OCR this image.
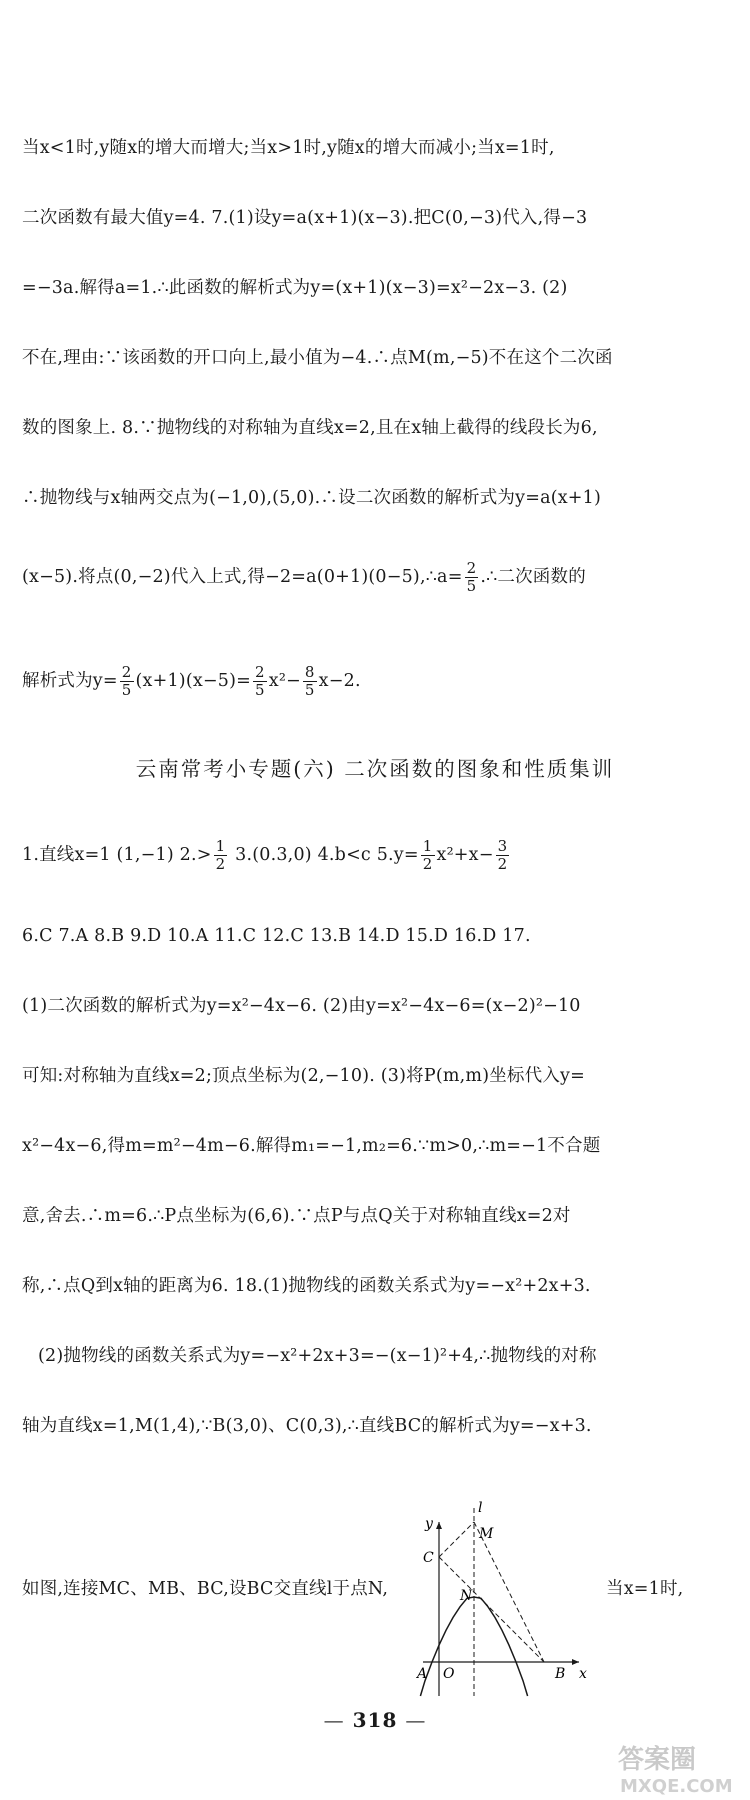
当x<1时,y随x的增大而增大;当x>1时,y随x的增大而减小;当x=1时,
二次函数有最大值y=4. 7.(1)设y=a(x+1)(x−3).把C(0,−3)代入,得−3
=−3a.解得a=1.∴此函数的解析式为y=(x+1)(x−3)=x²−2x−3. (2)
不在,理由:∵该函数的开口向上,最小值为−4.∴点M(m,−5)不在这个二次函
数的图象上. 8.∵抛物线的对称轴为直线x=2,且在x轴上截得的线段长为6,
∴抛物线与x轴两交点为(−1,0),(5,0).∴设二次函数的解析式为y=a(x+1)
(x−5).将点(0,−2)代入上式,得−2=a(0+1)(0−5),∴a= $\frac{2}{5}$ .∴二次函数的
解析式为$y= \frac{2}{5} (x+1)(x-5)= \frac{2}{5} x^2- \frac{8}{5} x-2$.
云南常考小专题(六) 二次函数的图象和性质集训
1.直线x=1 (1,−1) $2.> \frac{1}{2} 3.(0.3,0)$ 4.b<c $5.y= \frac{1}{2} x^2+x- \frac{3}{2}$
6.C 7.A 8.B 9.D 10.A 11.C 12.C 13.B 14.D 15.D 16.D 17.
(1)二次函数的解析式为y=x²−4x−6. (2)由y=x²−4x−6=(x−2)²−10
可知:对称轴为直线x=2;顶点坐标为(2,−10). (3)将P(m,m)坐标代入y=
x²−4x−6,得m=m²−4m−6.解得m₁=−1,m₂=6.∵m>0,∴m=−1不合题
意,舍去.∴m=6.∴P点坐标为(6,6).∵点P与点Q关于对称轴直线x=2对
称,∴点Q到x轴的距离为6. 18.(1)抛物线的函数关系式为y=−x²+2x+3.
(2)抛物线的函数关系式为y=−x²+2x+3=−(x−1)²+4,∴抛物线的对称
轴为直线x=1,M(1,4),∵B(3,0)、C(0,3),∴直线BC的解析式为y=−x+3.
如图,连接MC、MB、BC,设BC交直线l于点N,	当x=1时,
y
l
M
C
N
A O	B x
— 318 —
答案圈
MXQE.COM
